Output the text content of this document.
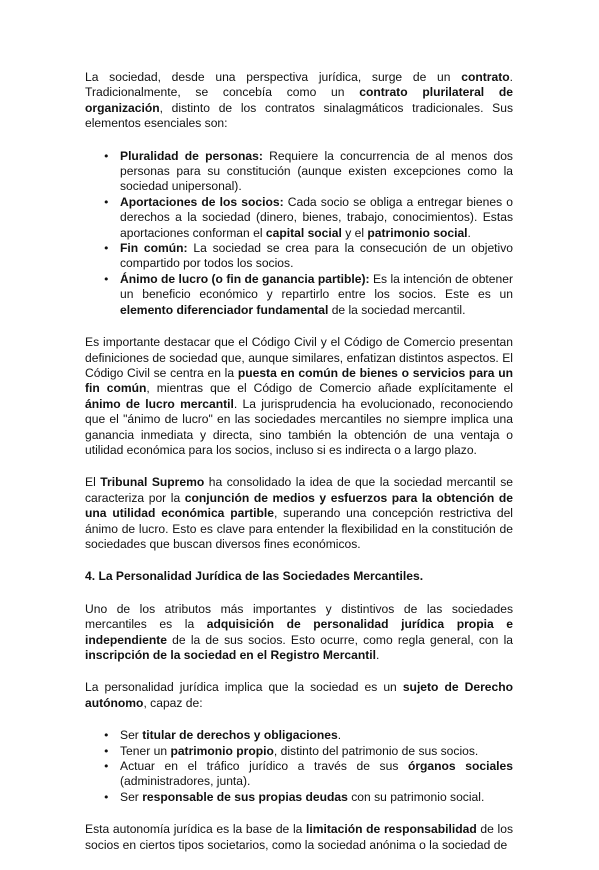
La sociedad, desde una perspectiva jurídica, surge de un contrato. Tradicionalmente, se concebía como un contrato plurilateral de organización, distinto de los contratos sinalagmáticos tradicionales. Sus elementos esenciales son:

• Pluralidad de personas: Requiere la concurrencia de al menos dos personas para su constitución (aunque existen excepciones como la sociedad unipersonal).
• Aportaciones de los socios: Cada socio se obliga a entregar bienes o derechos a la sociedad (dinero, bienes, trabajo, conocimientos). Estas aportaciones conforman el capital social y el patrimonio social.
• Fin común: La sociedad se crea para la consecución de un objetivo compartido por todos los socios.
• Ánimo de lucro (o fin de ganancia partible): Es la intención de obtener un beneficio económico y repartirlo entre los socios. Este es un elemento diferenciador fundamental de la sociedad mercantil.

Es importante destacar que el Código Civil y el Código de Comercio presentan definiciones de sociedad que, aunque similares, enfatizan distintos aspectos. El Código Civil se centra en la puesta en común de bienes o servicios para un fin común, mientras que el Código de Comercio añade explícitamente el ánimo de lucro mercantil. La jurisprudencia ha evolucionado, reconociendo que el "ánimo de lucro" en las sociedades mercantiles no siempre implica una ganancia inmediata y directa, sino también la obtención de una ventaja o utilidad económica para los socios, incluso si es indirecta o a largo plazo.

El Tribunal Supremo ha consolidado la idea de que la sociedad mercantil se caracteriza por la conjunción de medios y esfuerzos para la obtención de una utilidad económica partible, superando una concepción restrictiva del ánimo de lucro. Esto es clave para entender la flexibilidad en la constitución de sociedades que buscan diversos fines económicos.

4. La Personalidad Jurídica de las Sociedades Mercantiles.

Uno de los atributos más importantes y distintivos de las sociedades mercantiles es la adquisición de personalidad jurídica propia e independiente de la de sus socios. Esto ocurre, como regla general, con la inscripción de la sociedad en el Registro Mercantil.

La personalidad jurídica implica que la sociedad es un sujeto de Derecho autónomo, capaz de:

• Ser titular de derechos y obligaciones.
• Tener un patrimonio propio, distinto del patrimonio de sus socios.
• Actuar en el tráfico jurídico a través de sus órganos sociales (administradores, junta).
• Ser responsable de sus propias deudas con su patrimonio social.

Esta autonomía jurídica es la base de la limitación de responsabilidad de los socios en ciertos tipos societarios, como la sociedad anónima o la sociedad de
